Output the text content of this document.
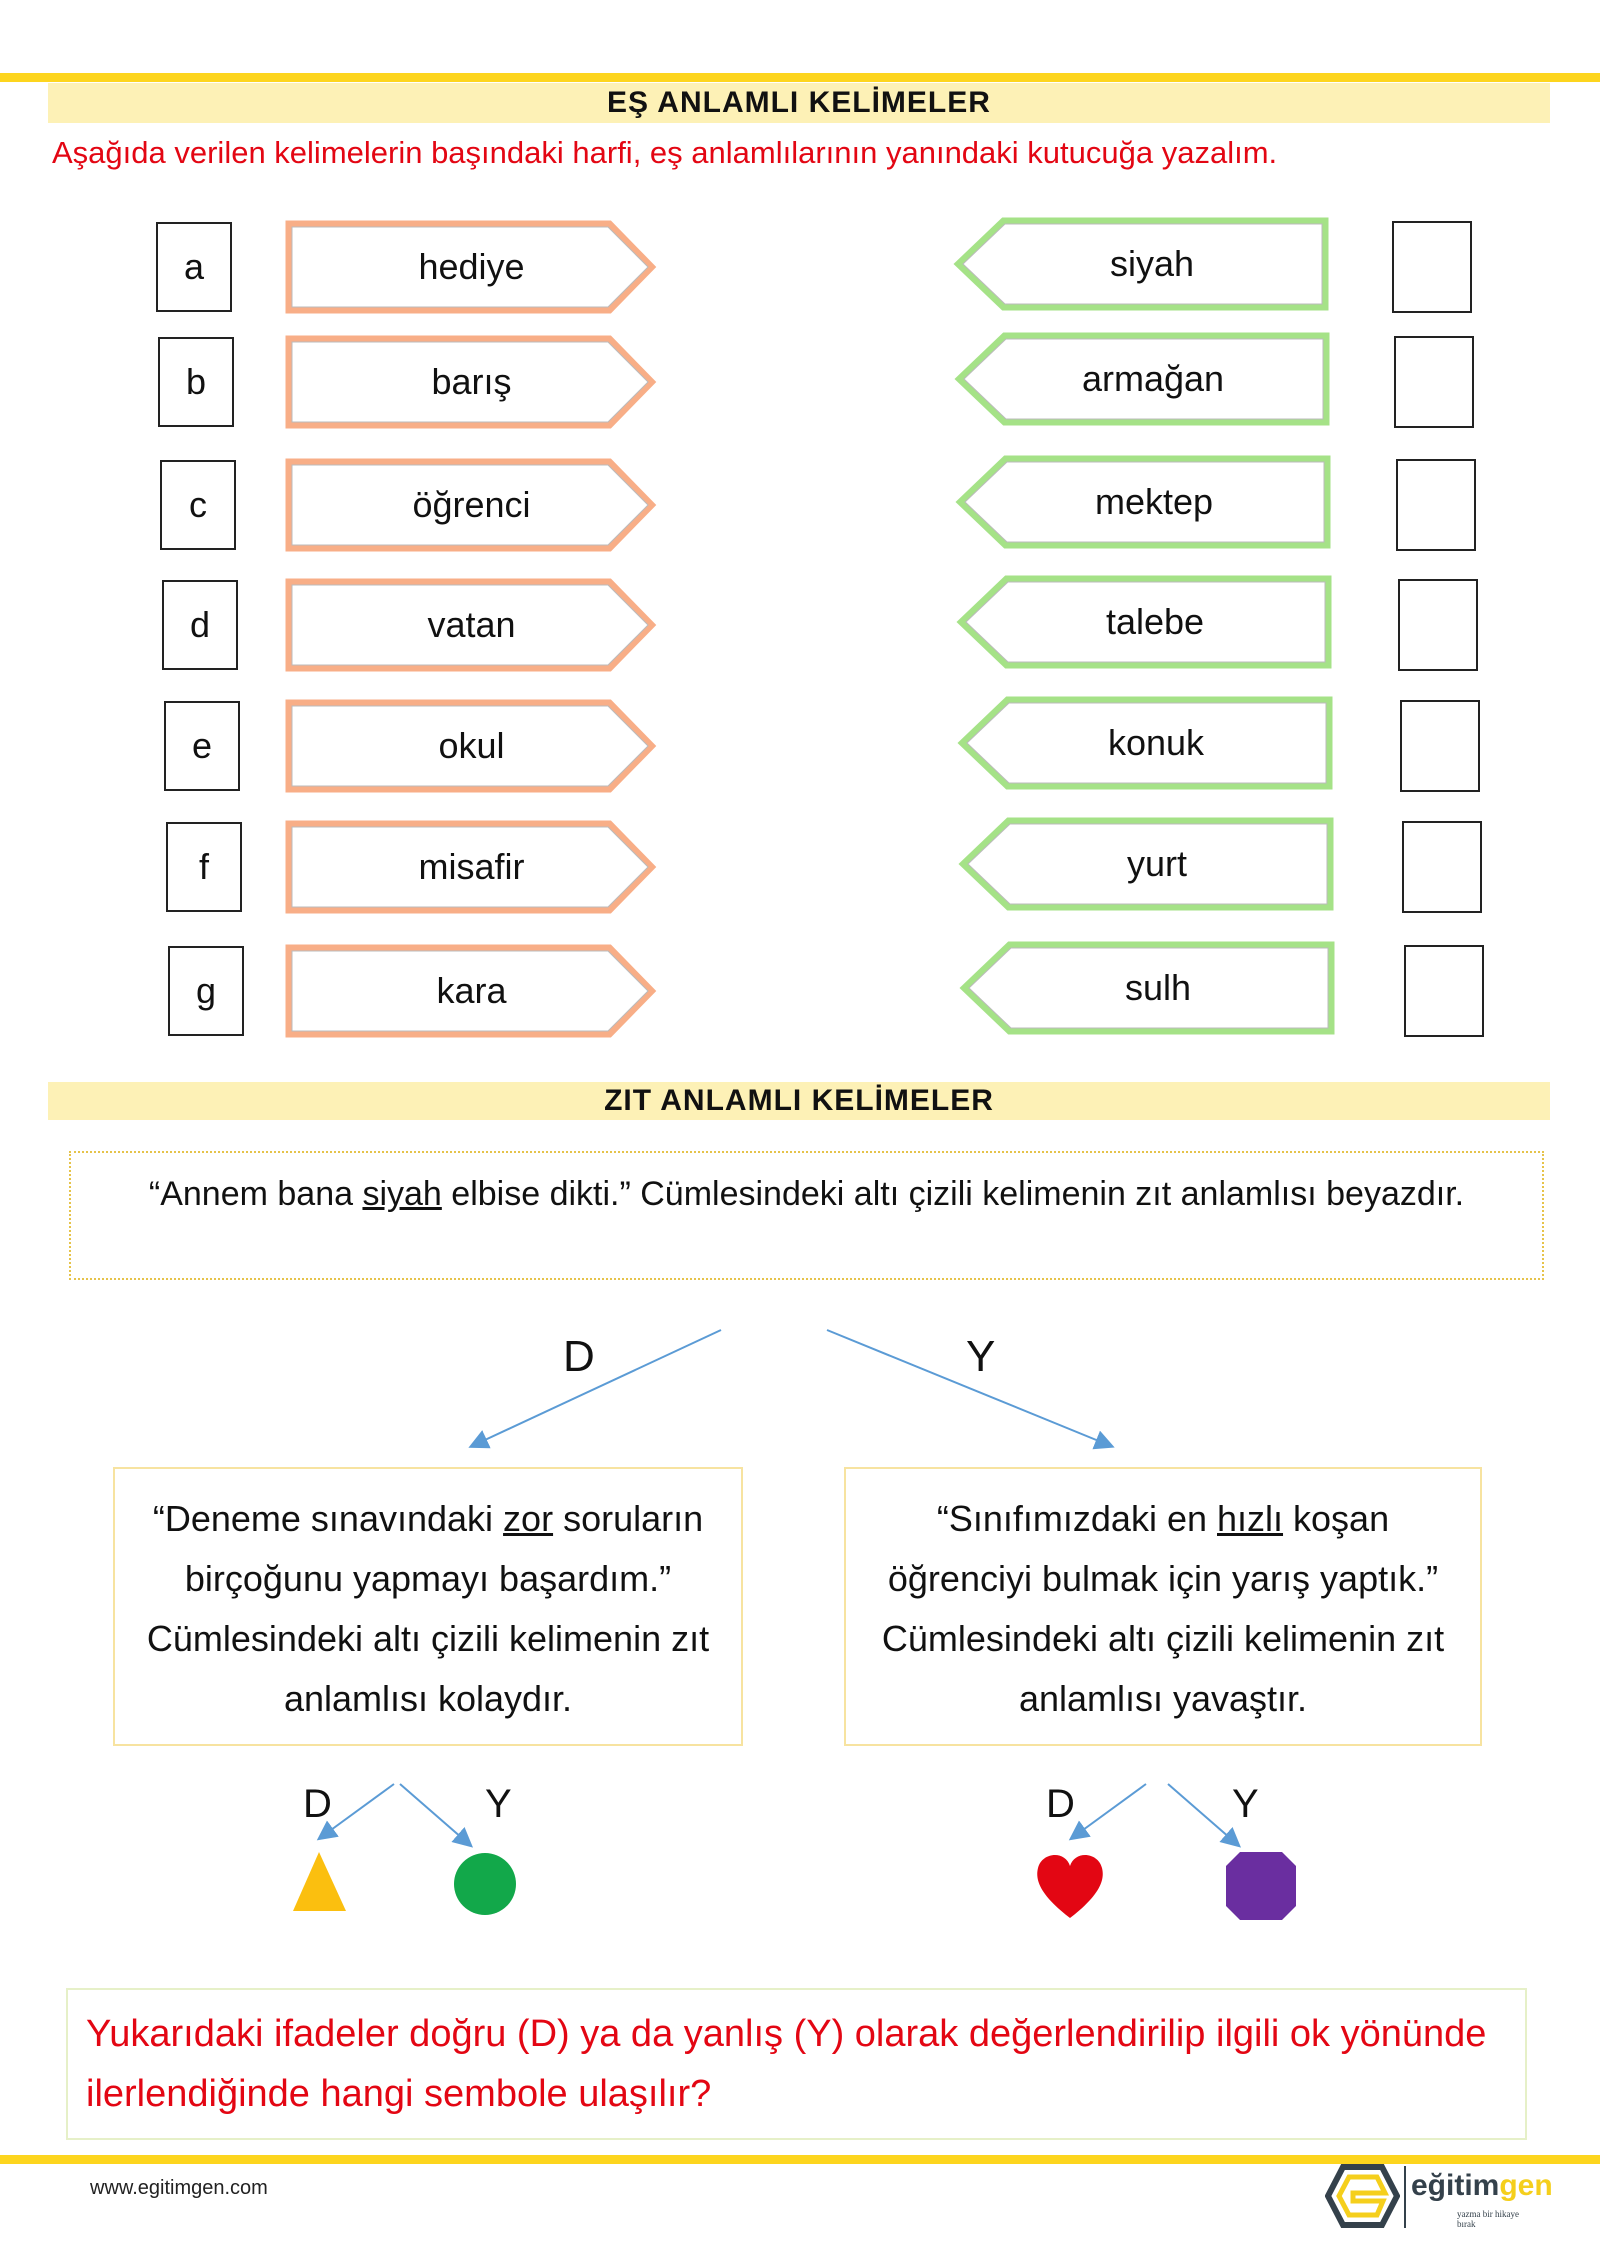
EŞ ANLAMLI KELİMELER
Aşağıda verilen kelimelerin başındaki harfi, eş anlamlılarının yanındaki kutucuğa yazalım.
a	hediye	siyah
b	barış	armağan
c	öğrenci	mektep
d	vatan	talebe
e	okul	konuk
f	misafir	yurt
g	kara	sulh
ZIT ANLAMLI KELİMELER
“Annem bana siyah elbise dikti.” Cümlesindeki altı çizili kelimenin zıt anlamlısı beyazdır.
D	Y
“Deneme sınavındaki zor soruların birçoğunu yapmayı başardım.” Cümlesindeki altı çizili kelimenin zıt anlamlısı kolaydır.
“Sınıfımızdaki en hızlı koşan öğrenciyi bulmak için yarış yaptık.” Cümlesindeki altı çizili kelimenin zıt anlamlısı yavaştır.
D	Y	D	Y
Yukarıdaki ifadeler doğru (D) ya da yanlış (Y) olarak değerlendirilip ilgili ok yönünde ilerlendiğinde hangi sembole ulaşılır?
www.egitimgen.com	eğitimgen
yazma bir hikaye bırak
